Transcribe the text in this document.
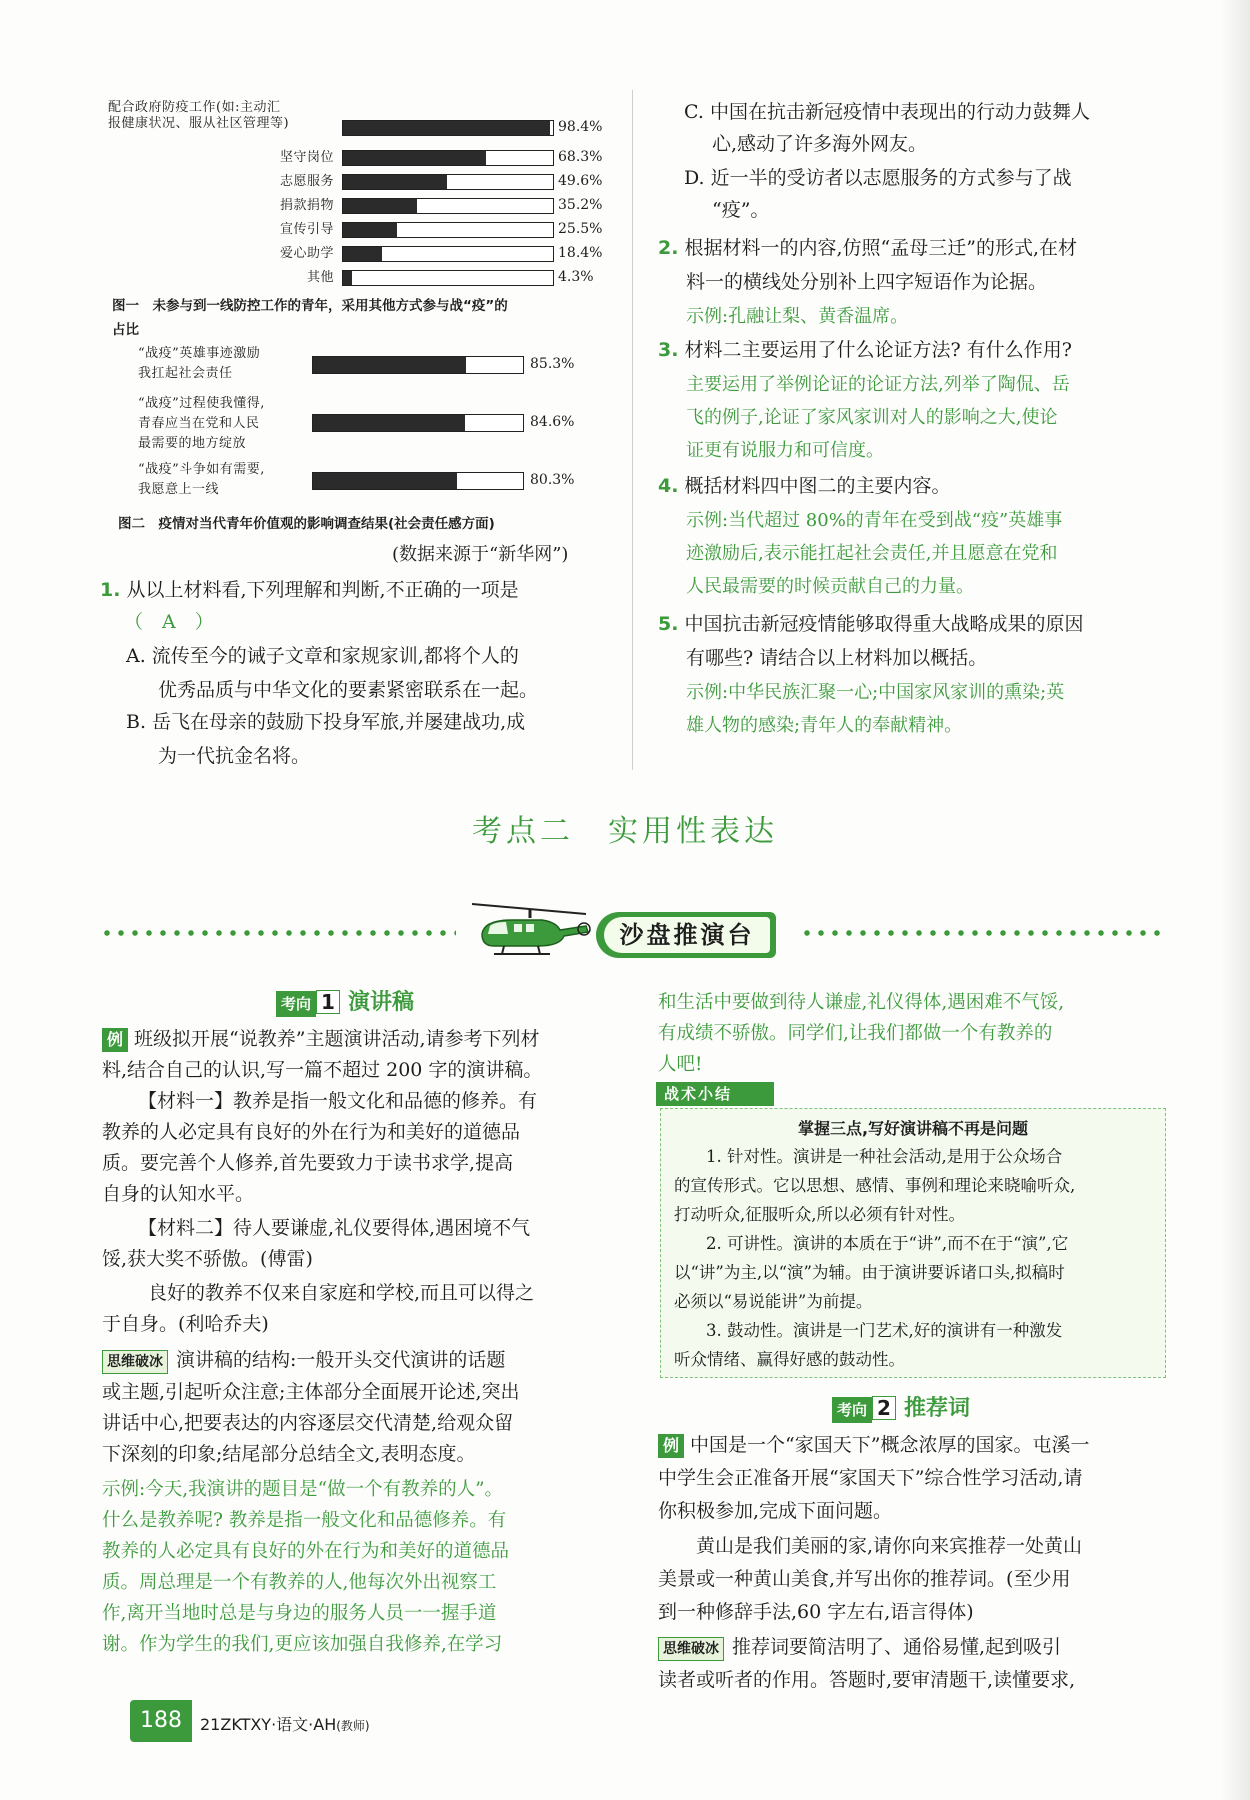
配合政府防疫工作(如:主动汇
报健康状况、服从社区管理等)	98.4%
坚守岗位	68.3%
志愿服务	49.6%
捐款捐物	35.2%
宣传引导	25.5%
爱心助学	18.4%
其他	4.3%
图一　未参与到一线防控工作的青年，采用其他方式参与战“疫”的
占比
“战疫”英雄事迹激励
我扛起社会责任
85.3%
“战疫”过程使我懂得,
青春应当在党和人民
最需要的地方绽放
84.6%
“战疫”斗争如有需要,
我愿意上一线
80.3%
图二　疫情对当代青年价值观的影响调查结果(社会责任感方面)
(数据来源于“新华网”)
1. 从以上材料看,下列理解和判断,不正确的一项是
（　A　）
A. 流传至今的诫子文章和家规家训,都将个人的
优秀品质与中华文化的要素紧密联系在一起。
B. 岳飞在母亲的鼓励下投身军旅,并屡建战功,成
为一代抗金名将。
C. 中国在抗击新冠疫情中表现出的行动力鼓舞人
心,感动了许多海外网友。
D. 近一半的受访者以志愿服务的方式参与了战
“疫”。
2. 根据材料一的内容,仿照“孟母三迁”的形式,在材
料一的横线处分别补上四字短语作为论据。
示例:孔融让梨、黄香温席。
3. 材料二主要运用了什么论证方法? 有什么作用?
主要运用了举例论证的论证方法,列举了陶侃、岳
飞的例子,论证了家风家训对人的影响之大,使论
证更有说服力和可信度。
4. 概括材料四中图二的主要内容。
示例:当代超过 80%的青年在受到战“疫”英雄事
迹激励后,表示能扛起社会责任,并且愿意在党和
人民最需要的时候贡献自己的力量。
5. 中国抗击新冠疫情能够取得重大战略成果的原因
有哪些? 请结合以上材料加以概括。
示例:中华民族汇聚一心;中国家风家训的熏染;英
雄人物的感染;青年人的奉献精神。
考点二　实用性表达
沙盘推演台
考向 1 演讲稿
例 班级拟开展“说教养”主题演讲活动,请参考下列材
料,结合自己的认识,写一篇不超过 200 字的演讲稿。
【材料一】教养是指一般文化和品德的修养。有
教养的人必定具有良好的外在行为和美好的道德品
质。要完善个人修养,首先要致力于读书求学,提高
自身的认知水平。
【材料二】待人要谦虚,礼仪要得体,遇困境不气
馁,获大奖不骄傲。(傅雷)
良好的教养不仅来自家庭和学校,而且可以得之
于自身。(利哈乔夫)
思维破冰 演讲稿的结构:一般开头交代演讲的话题
或主题,引起听众注意;主体部分全面展开论述,突出
讲话中心,把要表达的内容逐层交代清楚,给观众留
下深刻的印象;结尾部分总结全文,表明态度。
示例:今天,我演讲的题目是“做一个有教养的人”。
什么是教养呢? 教养是指一般文化和品德修养。有
教养的人必定具有良好的外在行为和美好的道德品
质。周总理是一个有教养的人,他每次外出视察工
作,离开当地时总是与身边的服务人员一一握手道
谢。作为学生的我们,更应该加强自我修养,在学习
和生活中要做到待人谦虚,礼仪得体,遇困难不气馁,
有成绩不骄傲。同学们,让我们都做一个有教养的
人吧!
战术小结
掌握三点,写好演讲稿不再是问题
1. 针对性。演讲是一种社会活动,是用于公众场合
的宣传形式。它以思想、感情、事例和理论来晓喻听众,
打动听众,征服听众,所以必须有针对性。
2. 可讲性。演讲的本质在于“讲”,而不在于“演”,它
以“讲”为主,以“演”为辅。由于演讲要诉诸口头,拟稿时
必须以“易说能讲”为前提。
3. 鼓动性。演讲是一门艺术,好的演讲有一种激发
听众情绪、赢得好感的鼓动性。
考向 2 推荐词
例 中国是一个“家国天下”概念浓厚的国家。屯溪一
中学生会正准备开展“家国天下”综合性学习活动,请
你积极参加,完成下面问题。
黄山是我们美丽的家,请你向来宾推荐一处黄山
美景或一种黄山美食,并写出你的推荐词。(至少用
到一种修辞手法,60 字左右,语言得体)
思维破冰 推荐词要简洁明了、通俗易懂,起到吸引
读者或听者的作用。答题时,要审清题干,读懂要求,
188	21ZKTXY·语文·AH(教师)
